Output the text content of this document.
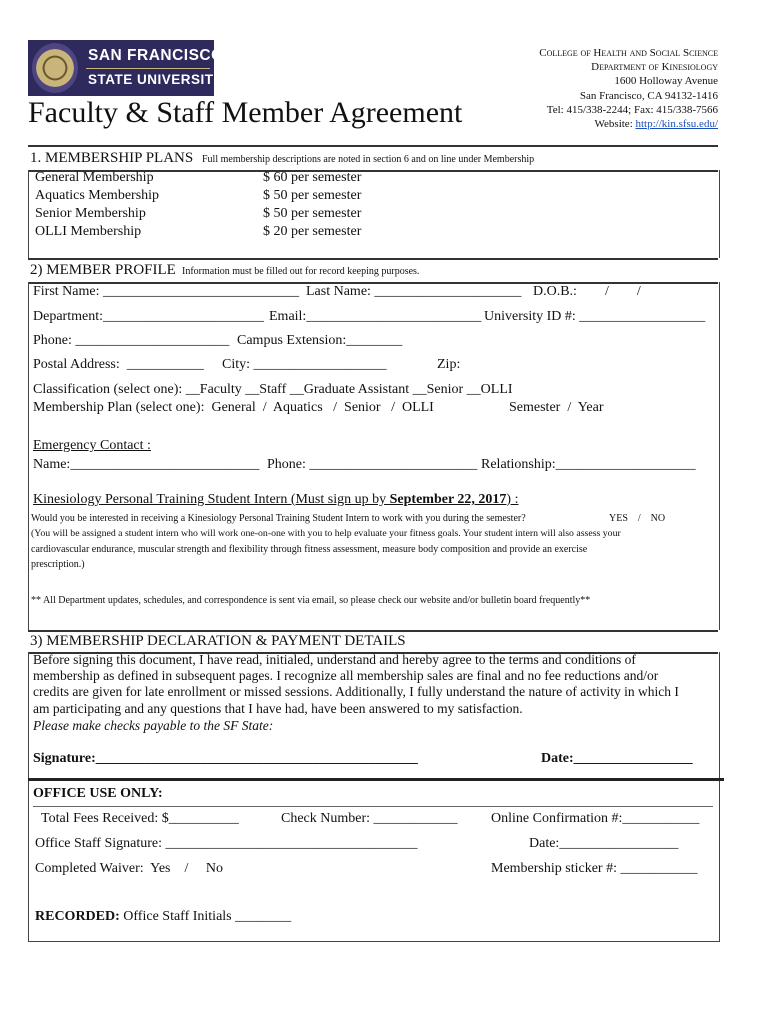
SAN FRANCISCO
STATE UNIVERSITY
Faculty & Staff Member Agreement
College of Health and Social Science
Department of Kinesiology
1600 Holloway Avenue
San Francisco, CA 94132-1416
Tel: 415/338-2244; Fax: 415/338-7566
Website: http://kin.sfsu.edu/
1. MEMBERSHIP PLANS Full membership descriptions are noted in section 6 and on line under Membership
General Membership	$ 60 per semester
Aquatics Membership	$ 50 per semester
Senior Membership	$ 50 per semester
OLLI Membership	$ 20 per semester
2) MEMBER PROFILE Information must be filled out for record keeping purposes.
First Name: ____________________________ Last Name: _____________________ D.O.B.:        /        /
Department:_______________________ Email:_________________________ University ID #: __________________
Phone: ______________________ Campus Extension:________
Postal Address:  ___________ City: ___________________	Zip:
Classification (select one): __Faculty __Staff __Graduate Assistant __Senior __OLLI
Membership Plan (select one):  General  /  Aquatics   /  Senior   /  OLLI	Semester  /  Year
Emergency Contact :
Name:___________________________ Phone: ________________________ Relationship:____________________
Kinesiology Personal Training Student Intern (Must sign up by September 22, 2017) :
Would you be interested in receiving a Kinesiology Personal Training Student Intern to work with you during the semester?	YES    /    NO
(You will be assigned a student intern who will work one-on-one with you to help evaluate your fitness goals. Your student intern will also assess your
cardiovascular endurance, muscular strength and flexibility through fitness assessment, measure body composition and provide an exercise
prescription.)
** All Department updates, schedules, and correspondence is sent via email, so please check our website and/or bulletin board frequently**
3) MEMBERSHIP DECLARATION & PAYMENT DETAILS
Before signing this document, I have read, initialed, understand and hereby agree to the terms and conditions of
membership as defined in subsequent pages. I recognize all membership sales are final and no fee reductions and/or
credits are given for late enrollment or missed sessions. Additionally, I fully understand the nature of activity in which I
am participating and any questions that I have had, have been answered to my satisfaction.
Please make checks payable to the SF State:
Signature:______________________________________________	Date:_________________
OFFICE USE ONLY:
Total Fees Received: $__________	Check Number: ____________ Online Confirmation #:___________
Office Staff Signature: ____________________________________	Date:_________________
Completed Waiver:  Yes    /     No	Membership sticker #: ___________
RECORDED: Office Staff Initials ________
